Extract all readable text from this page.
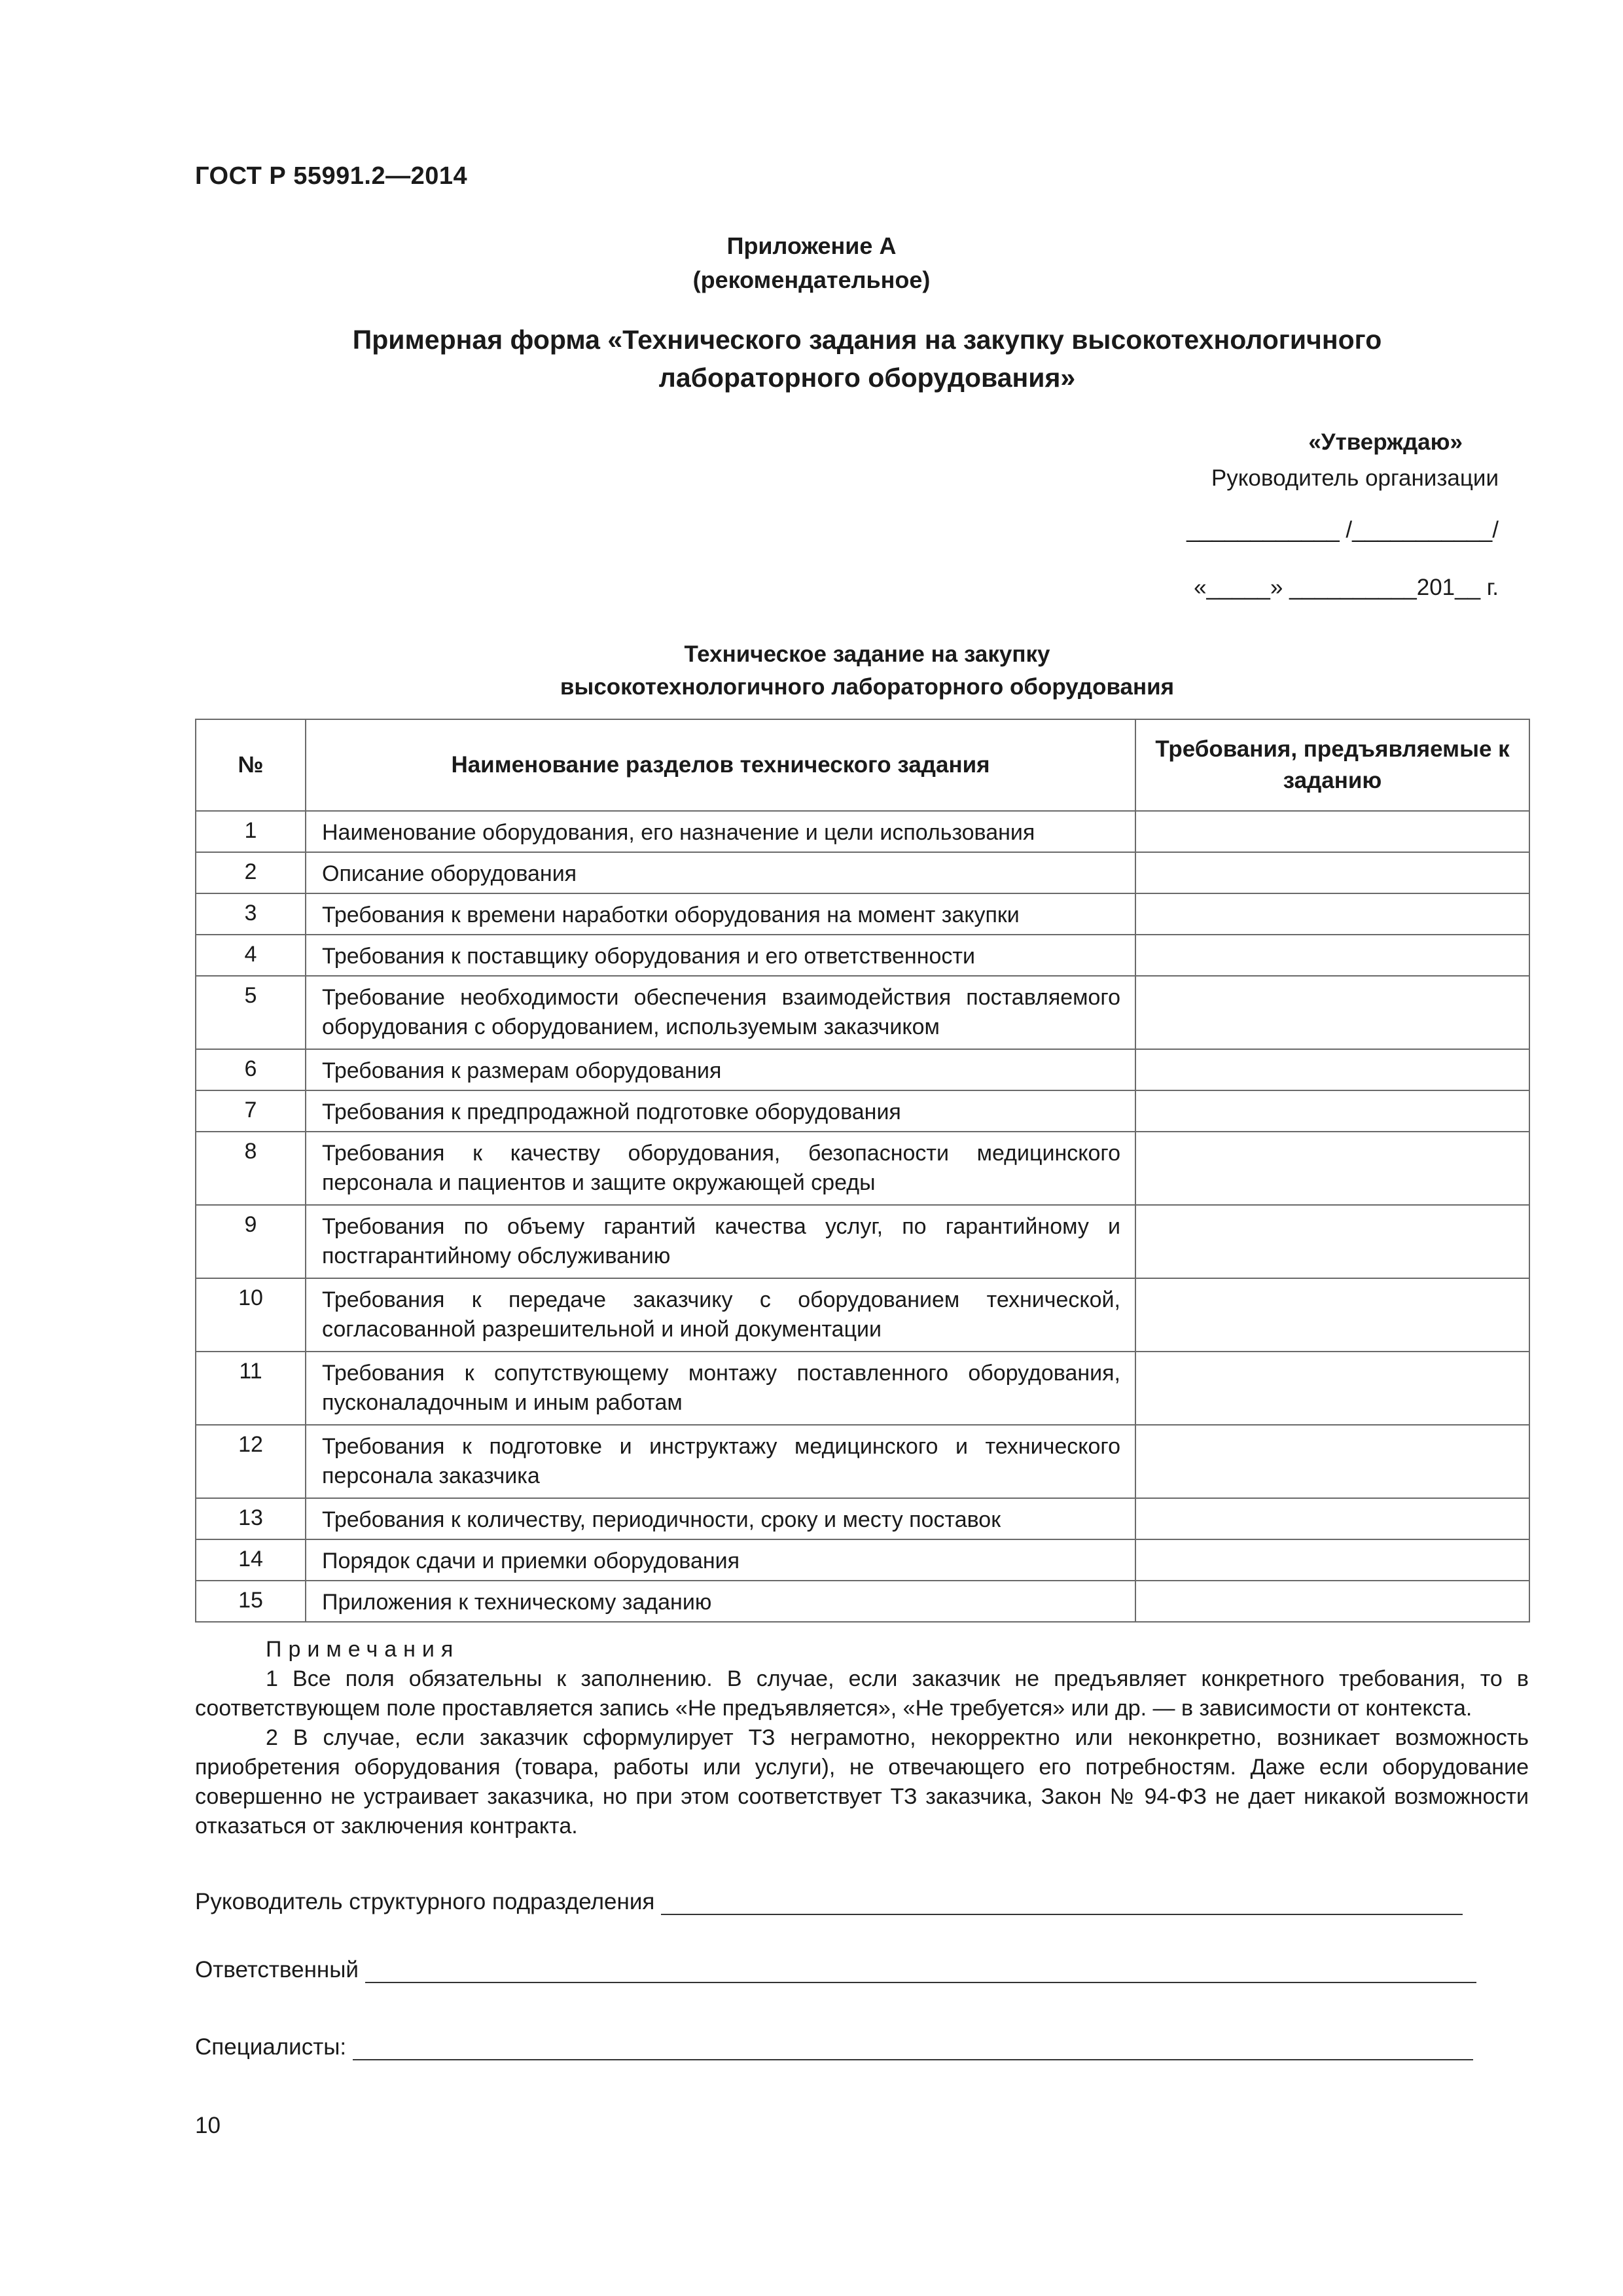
ГОСТ Р 55991.2—2014
Приложение А
(рекомендательное)
Примерная форма «Технического задания на закупку высокотехнологичного
лабораторного оборудования»
«Утверждаю»
Руководитель организации
____________ /___________/
«_____» __________201__ г.
Техническое задание на закупку
высокотехнологичного лабораторного оборудования
№	Наименование разделов технического задания	Требования, предъявляемые к заданию
1	Наименование оборудования, его назначение и цели использования	
2	Описание оборудования	
3	Требования к времени наработки оборудования на момент закупки	
4	Требования к поставщику оборудования и его ответственности	
5	Требование необходимости обеспечения взаимодействия поставляемого оборудования с оборудованием, используемым заказчиком	
6	Требования к размерам оборудования	
7	Требования к предпродажной подготовке оборудования	
8	Требования к качеству оборудования, безопасности медицинского персонала и пациентов и защите окружающей среды	
9	Требования по объему гарантий качества услуг, по гарантийному и постгарантийному обслуживанию	
10	Требования к передаче заказчику с оборудованием технической, согласованной разрешительной и иной документации	
11	Требования к сопутствующему монтажу поставленного оборудования, пусконаладочным и иным работам	
12	Требования к подготовке и инструктажу медицинского и технического персонала заказчика	
13	Требования к количеству, периодичности, сроку и месту поставок	
14	Порядок сдачи и приемки оборудования	
15	Приложения к техническому заданию	
Примечания

1 Все поля обязательны к заполнению. В случае, если заказчик не предъявляет конкретного требования, то в соответствующем поле проставляется запись «Не предъявляется», «Не требуется» или др. — в зависимости от контекста.

2 В случае, если заказчик сформулирует ТЗ неграмотно, некорректно или неконкретно, возникает возможность приобретения оборудования (товара, работы или услуги), не отвечающего его потребностям. Даже если оборудование совершенно не устраивает заказчика, но при этом соответствует ТЗ заказчика, Закон № 94-ФЗ не дает никакой возможности отказаться от заключения контракта.

Руководитель структурного подразделения
Ответственный
Специалисты:
10
